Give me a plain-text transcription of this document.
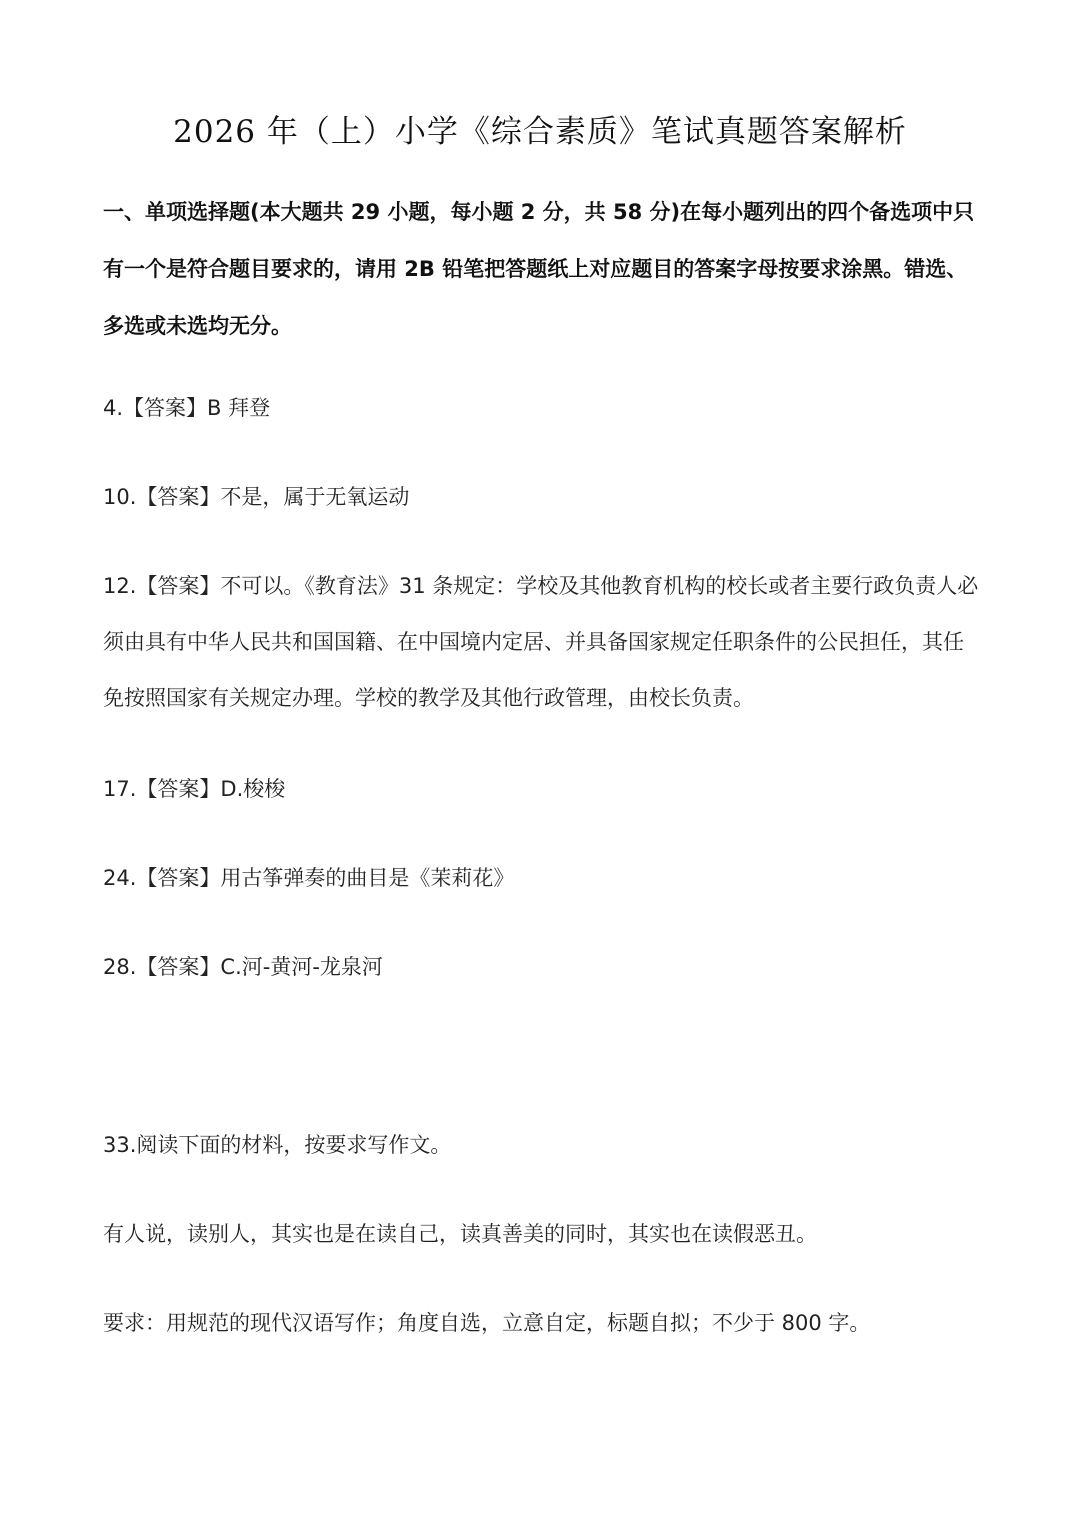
2026 年（上）小学《综合素质》笔试真题答案解析
一、单项选择题(本大题共 29 小题，每小题 2 分，共 58 分)在每小题列出的四个备选项中只有一个是符合题目要求的，请用 2B 铅笔把答题纸上对应题目的答案字母按要求涂黑。错选、多选或未选均无分。
4.【答案】B 拜登
10.【答案】不是，属于无氧运动
12.【答案】不可以。《教育法》31 条规定：学校及其他教育机构的校长或者主要行政负责人必须由具有中华人民共和国国籍、在中国境内定居、并具备国家规定任职条件的公民担任，其任免按照国家有关规定办理。学校的教学及其他行政管理，由校长负责。
17.【答案】D.梭梭
24.【答案】用古筝弹奏的曲目是《茉莉花》
28.【答案】C.河-黄河-龙泉河
33.阅读下面的材料，按要求写作文。
有人说，读别人，其实也是在读自己，读真善美的同时，其实也在读假恶丑。
要求：用规范的现代汉语写作；角度自选，立意自定，标题自拟；不少于 800 字。
